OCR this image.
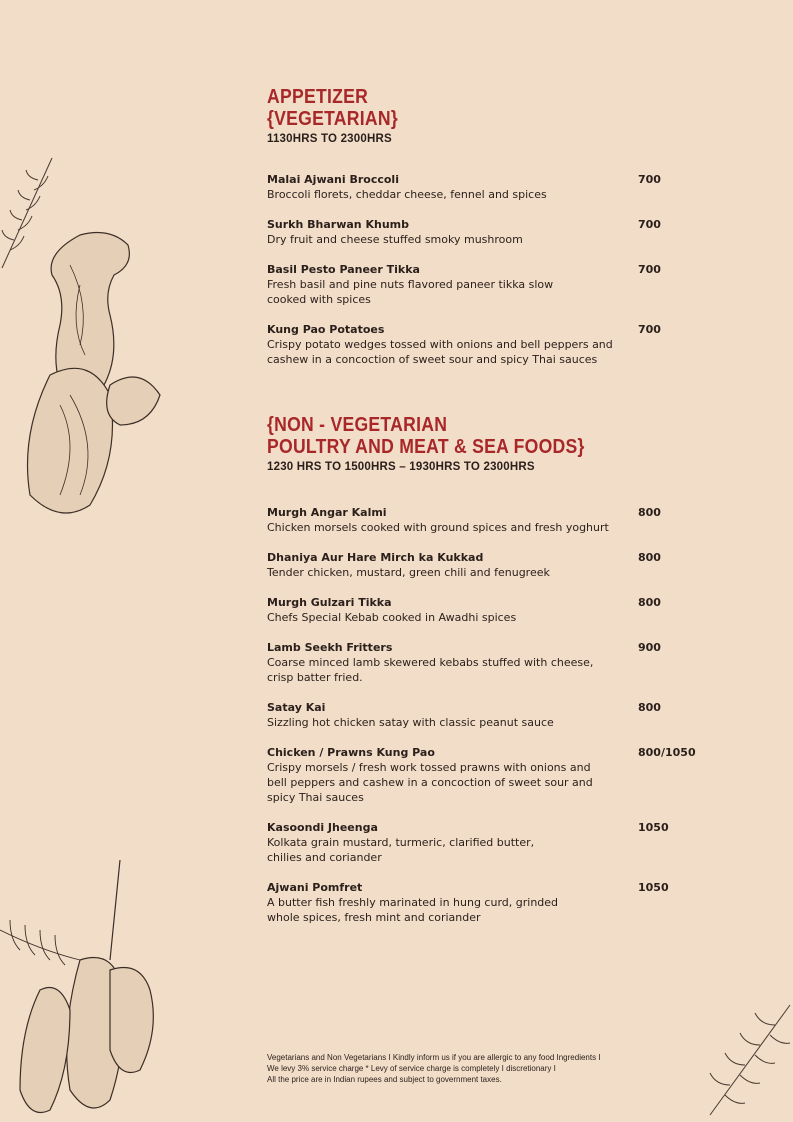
APPETIZER
{VEGETARIAN}
1130HRS TO 2300HRS
Malai Ajwani Broccoli
Broccoli florets, cheddar cheese, fennel and spices
700
Surkh Bharwan Khumb
Dry fruit and cheese stuffed smoky mushroom
700
Basil Pesto Paneer Tikka
Fresh basil and pine nuts flavored paneer tikka slow cooked with spices
700
Kung Pao Potatoes
Crispy potato wedges tossed with onions and bell peppers and cashew in a concoction of sweet sour and spicy Thai sauces
700
{NON - VEGETARIAN
POULTRY AND MEAT & SEA FOODS}
1230 HRS TO 1500HRS – 1930HRS TO 2300HRS
Murgh Angar Kalmi
Chicken morsels cooked with ground spices and fresh yoghurt
800
Dhaniya Aur Hare Mirch ka Kukkad
Tender chicken, mustard, green chili and fenugreek
800
Murgh Gulzari Tikka
Chefs Special Kebab cooked in Awadhi spices
800
Lamb Seekh Fritters
Coarse minced lamb skewered kebabs stuffed with cheese, crisp batter fried.
900
Satay Kai
Sizzling hot chicken satay with classic peanut sauce
800
Chicken / Prawns Kung Pao
Crispy morsels / fresh work tossed prawns with onions and bell peppers and cashew in a concoction of sweet sour and spicy Thai sauces
800/1050
Kasoondi Jheenga
Kolkata grain mustard, turmeric, clarified butter, chilies and coriander
1050
Ajwani Pomfret
A butter fish freshly marinated in hung curd, grinded whole spices, fresh mint and coriander
1050
Vegetarians and Non Vegetarians I Kindly inform us if you are allergic to any food Ingredients I
We levy 3% service charge * Levy of service charge is completely I discretionary I
All the price are in Indian rupees and subject to government taxes.
